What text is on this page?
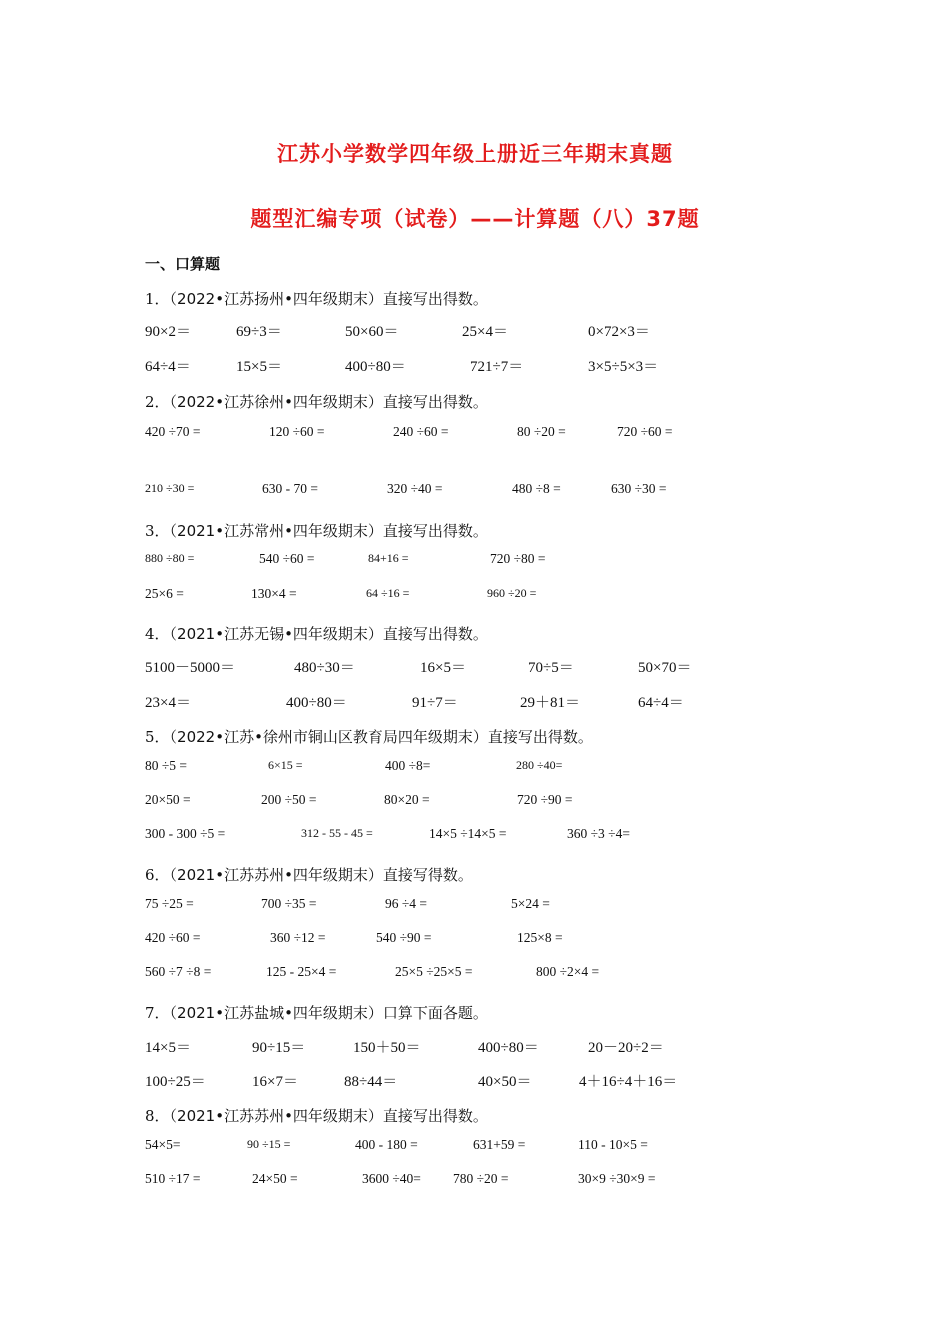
江苏小学数学四年级上册近三年期末真题
题型汇编专项（试卷）——计算题（八）37题
一、口算题
1．（2022•江苏扬州•四年级期末）直接写出得数。
90×2＝	69÷3＝	50×60＝	25×4＝	0×72×3＝
64÷4＝	15×5＝	400÷80＝	721÷7＝	3×5÷5×3＝
2．（2022•江苏徐州•四年级期末）直接写出得数。
420 ÷70 =	120 ÷60 =	240 ÷60 =	80 ÷20 =	720 ÷60 =
210 ÷30 =	630 - 70 =	320 ÷40 =	480 ÷8 =	630 ÷30 =
3．（2021•江苏常州•四年级期末）直接写出得数。
880 ÷80 =	540 ÷60 =	84+16 =	720 ÷80 =
25×6 =	130×4 =	64 ÷16 =	960 ÷20 =
4．（2021•江苏无锡•四年级期末）直接写出得数。
5100－5000＝	480÷30＝	16×5＝	70÷5＝	50×70＝
23×4＝	400÷80＝	91÷7＝	29＋81＝	64÷4＝
5．（2022•江苏•徐州市铜山区教育局四年级期末）直接写出得数。
80 ÷5 =	6×15 =	400 ÷8=	280 ÷40=
20×50 =	200 ÷50 =	80×20 =	720 ÷90 =
300 - 300 ÷5 =	312 - 55 - 45 =	14×5 ÷14×5 =	360 ÷3 ÷4=
6．（2021•江苏苏州•四年级期末）直接写得数。
75 ÷25 =	700 ÷35 =	96 ÷4 =	5×24 =
420 ÷60 =	360 ÷12 =	540 ÷90 =	125×8 =
560 ÷7 ÷8 =	125 - 25×4 =	25×5 ÷25×5 =	800 ÷2×4 =
7．（2021•江苏盐城•四年级期末）口算下面各题。
14×5＝	90÷15＝	150＋50＝	400÷80＝	20－20÷2＝
100÷25＝	16×7＝	88÷44＝	40×50＝	4＋16÷4＋16＝
8．（2021•江苏苏州•四年级期末）直接写出得数。
54×5=	90 ÷15 =	400 - 180 =	631+59 =	110 - 10×5 =
510 ÷17 =	24×50 =	3600 ÷40= 780 ÷20 =	30×9 ÷30×9 =
